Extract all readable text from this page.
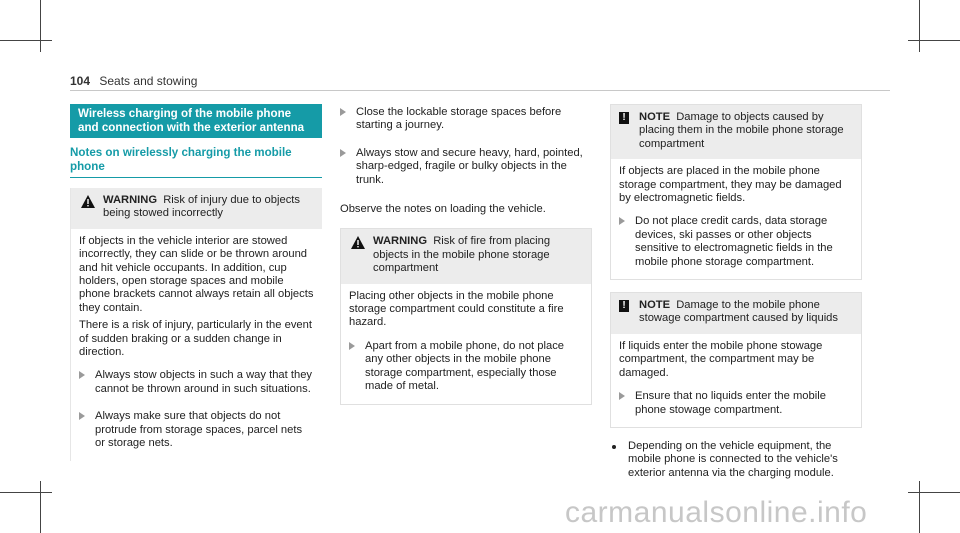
104 Seats and stowing
Wireless charging of the mobile phone and connection with the exterior antenna
Notes on wirelessly charging the mobile phone
WARNING Risk of injury due to objects being stowed incorrectly

If objects in the vehicle interior are stowed incorrectly, they can slide or be thrown around and hit vehicle occupants. In addition, cup holders, open storage spaces and mobile phone brackets cannot always retain all objects they contain.

There is a risk of injury, particularly in the event of sudden braking or a sudden change in direction.

Always stow objects in such a way that they cannot be thrown around in such situations.
Always make sure that objects do not protrude from storage spaces, parcel nets or storage nets.
Close the lockable storage spaces before starting a journey.
Always stow and secure heavy, hard, pointed, sharp-edged, fragile or bulky objects in the trunk.

Observe the notes on loading the vehicle.

WARNING Risk of fire from placing objects in the mobile phone storage compartment

Placing other objects in the mobile phone storage compartment could constitute a fire hazard.

Apart from a mobile phone, do not place any other objects in the mobile phone storage compartment, especially those made of metal.
! NOTE Damage to objects caused by placing them in the mobile phone storage compartment

If objects are placed in the mobile phone storage compartment, they may be damaged by electromagnetic fields.

Do not place credit cards, data storage devices, ski passes or other objects sensitive to electromagnetic fields in the mobile phone storage compartment.
! NOTE Damage to the mobile phone stowage compartment caused by liquids

If liquids enter the mobile phone stowage compartment, the compartment may be damaged.

Ensure that no liquids enter the mobile phone stowage compartment.
Depending on the vehicle equipment, the mobile phone is connected to the vehicle's exterior antenna via the charging module.
carmanualsonline.info
